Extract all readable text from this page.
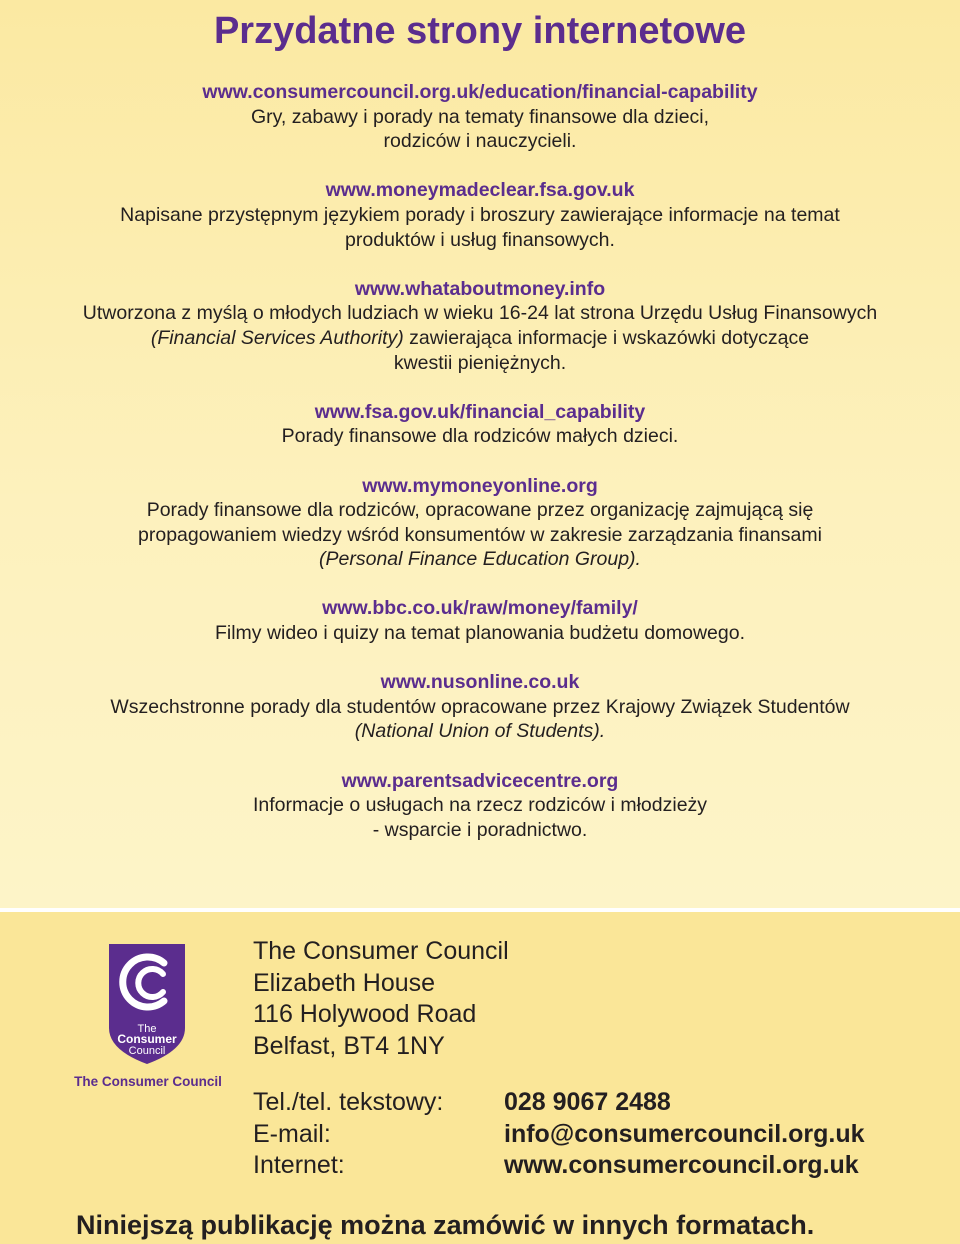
Przydatne strony internetowe
www.consumercouncil.org.uk/education/financial-capability
Gry, zabawy i porady na tematy finansowe dla dzieci,
rodziców i nauczycieli.
www.moneymadeclear.fsa.gov.uk
Napisane przystępnym językiem porady i broszury zawierające informacje na temat
produktów i usług finansowych.
www.whataboutmoney.info
Utworzona z myślą o młodych ludziach w wieku 16-24 lat strona Urzędu Usług Finansowych
(Financial Services Authority) zawierająca informacje i wskazówki dotyczące
kwestii pieniężnych.
www.fsa.gov.uk/financial_capability
Porady finansowe dla rodziców małych dzieci.
www.mymoneyonline.org
Porady finansowe dla rodziców, opracowane przez organizację zajmującą się
propagowaniem wiedzy wśród konsumentów w zakresie zarządzania finansami
(Personal Finance Education Group).
www.bbc.co.uk/raw/money/family/
Filmy wideo i quizy na temat planowania budżetu domowego.
www.nusonline.co.uk
Wszechstronne porady dla studentów opracowane przez Krajowy Związek Studentów
(National Union of Students).
www.parentsadvicecentre.org
Informacje o usługach na rzecz rodziców i młodzieży
- wsparcie i poradnictwo.
The
Consumer
Council
The Consumer Council
The Consumer Council
Elizabeth House
116 Holywood Road
Belfast, BT4 1NY
Tel./tel. tekstowy:	028 9067 2488
E-mail:	info@consumercouncil.org.uk
Internet:	www.consumercouncil.org.uk
Niniejszą publikację można zamówić w innych formatach.
